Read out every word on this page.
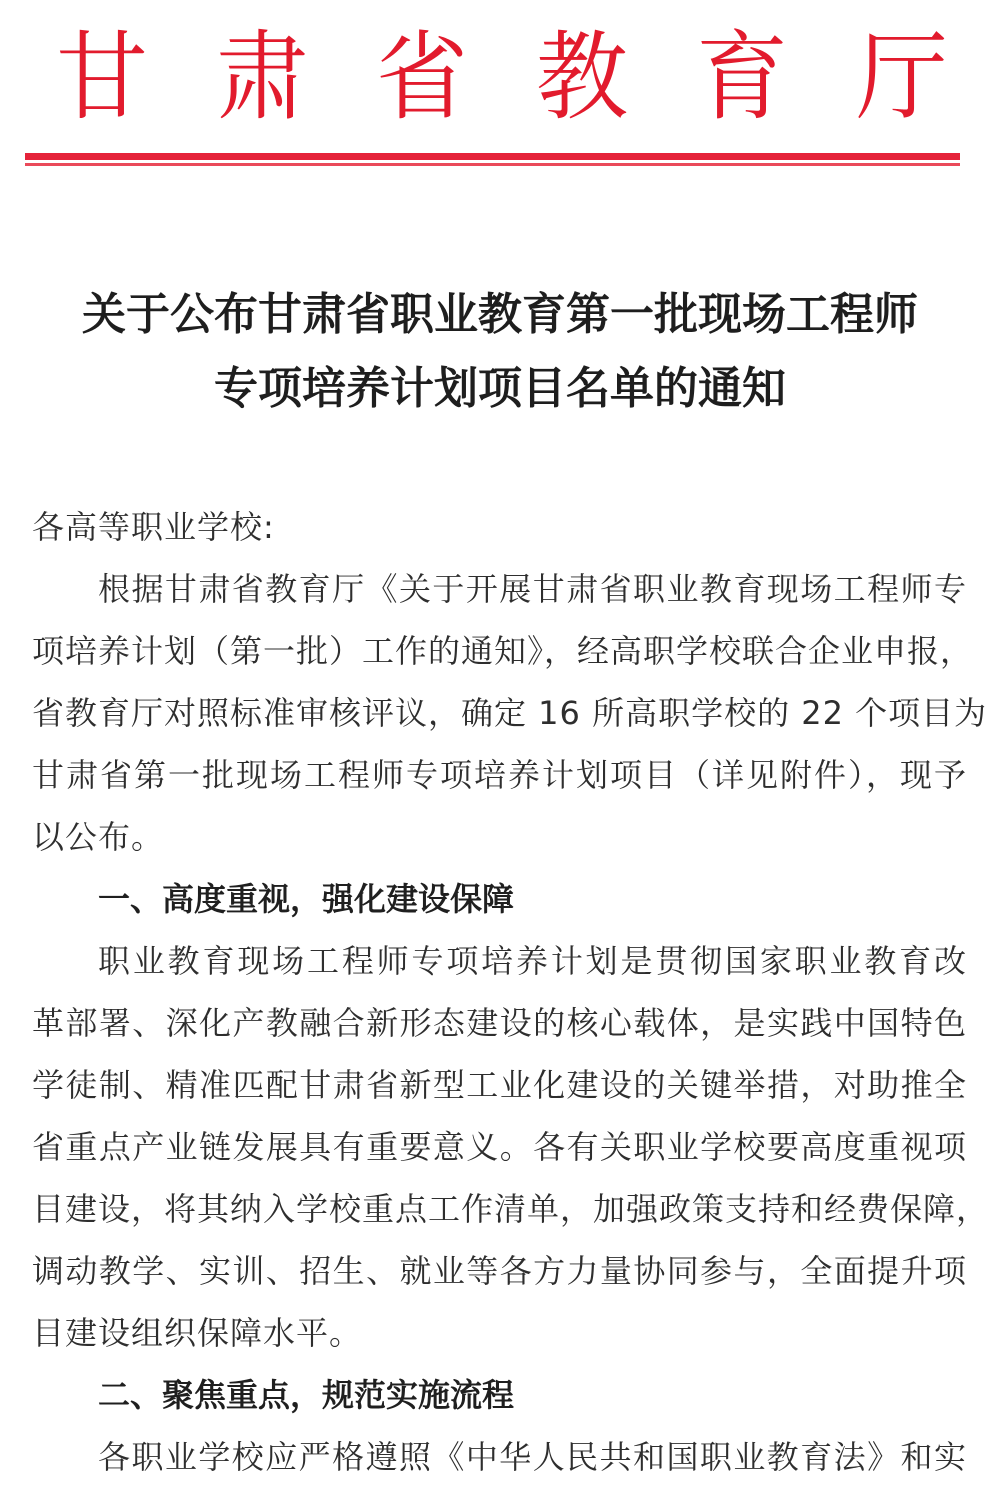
甘 肃 省 教 育 厅
关于公布甘肃省职业教育第一批现场工程师
专项培养计划项目名单的通知
各高等职业学校:
根据甘肃省教育厅《关于开展甘肃省职业教育现场工程师专
项培养计划（第一批）工作的通知》，经高职学校联合企业申报，
省教育厅对照标准审核评议，确定 16 所高职学校的 22 个项目为
甘肃省第一批现场工程师专项培养计划项目（详见附件），现予
以公布。
一、高度重视，强化建设保障
职业教育现场工程师专项培养计划是贯彻国家职业教育改
革部署、深化产教融合新形态建设的核心载体，是实践中国特色
学徒制、精准匹配甘肃省新型工业化建设的关键举措，对助推全
省重点产业链发展具有重要意义。各有关职业学校要高度重视项
目建设，将其纳入学校重点工作清单，加强政策支持和经费保障，
调动教学、实训、招生、就业等各方力量协同参与，全面提升项
目建设组织保障水平。
二、聚焦重点，规范实施流程
各职业学校应严格遵照《中华人民共和国职业教育法》和实
